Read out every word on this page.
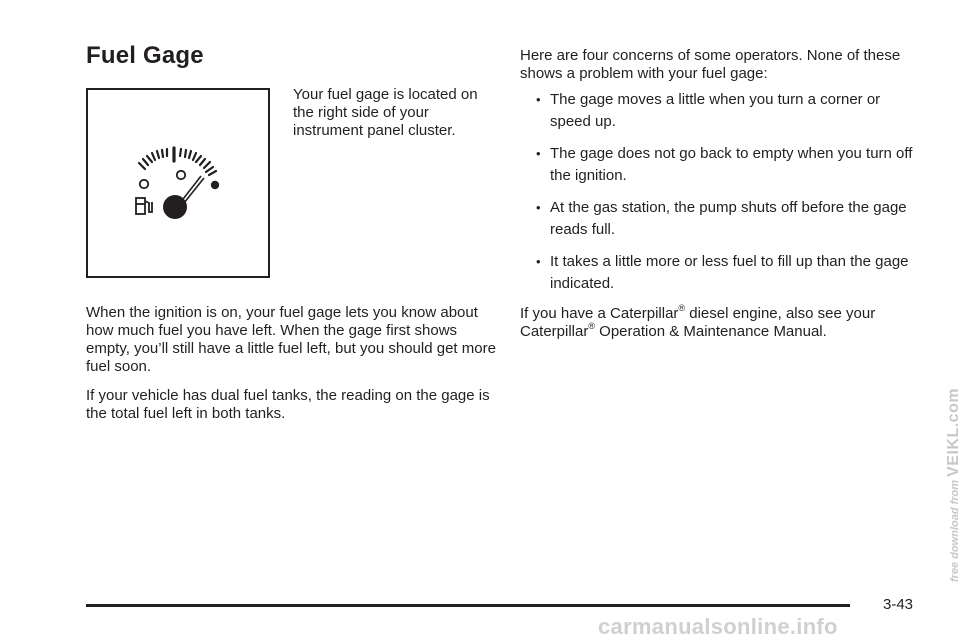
Fuel Gage

Your fuel gage is located on the right side of your instrument panel cluster.

When the ignition is on, your fuel gage lets you know about how much fuel you have left. When the gage first shows empty, you’ll still have a little fuel left, but you should get more fuel soon.

If your vehicle has dual fuel tanks, the reading on the gage is the total fuel left in both tanks.

Here are four concerns of some operators. None of these shows a problem with your fuel gage:

• The gage moves a little when you turn a corner or speed up.
• The gage does not go back to empty when you turn off the ignition.
• At the gas station, the pump shuts off before the gage reads full.
• It takes a little more or less fuel to fill up than the gage indicated.

If you have a Caterpillar® diesel engine, also see your Caterpillar® Operation & Maintenance Manual.

3-43
free download from VEIKL.com
carmanualsonline.info
